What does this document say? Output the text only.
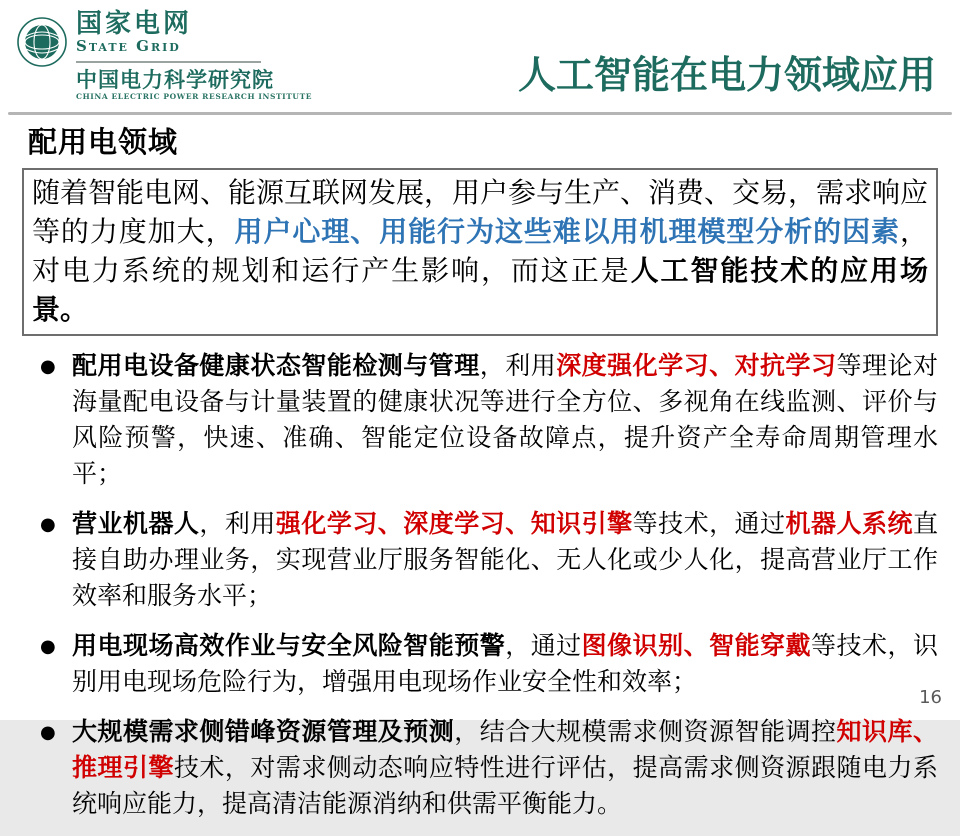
国家电网
State Grid
中国电力科学研究院
CHINA ELECTRIC POWER RESEARCH INSTITUTE	人工智能在电力领域应用
配用电领域
随着智能电网、能源互联网发展，用户参与生产、消费、交易，需求响应等的力度加大，用户心理、用能行为这些难以用机理模型分析的因素，对电力系统的规划和运行产生影响，而这正是人工智能技术的应用场景。
● 配用电设备健康状态智能检测与管理，利用深度强化学习、对抗学习等理论对海量配电设备与计量装置的健康状况等进行全方位、多视角在线监测、评价与风险预警，快速、准确、智能定位设备故障点，提升资产全寿命周期管理水平；
● 营业机器人，利用强化学习、深度学习、知识引擎等技术，通过机器人系统直接自助办理业务，实现营业厅服务智能化、无人化或少人化，提高营业厅工作效率和服务水平；
● 用电现场高效作业与安全风险智能预警，通过图像识别、智能穿戴等技术，识别用电现场危险行为，增强用电现场作业安全性和效率；
● 大规模需求侧错峰资源管理及预测，结合大规模需求侧资源智能调控知识库、推理引擎技术，对需求侧动态响应特性进行评估，提高需求侧资源跟随电力系统响应能力，提高清洁能源消纳和供需平衡能力。
16
